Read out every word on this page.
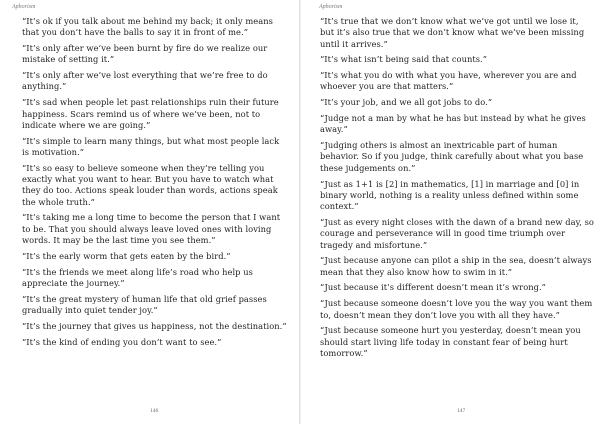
Aphorism

“It’s ok if you talk about me behind my back; it only means that you don’t have the balls to say it in front of me.”

“It’s only after we’ve been burnt by fire do we realize our mistake of setting it.”

“It’s only after we’ve lost everything that we’re free to do anything.”

“It’s sad when people let past relationships ruin their future happiness. Scars remind us of where we’ve been, not to indicate where we are going.”

“It’s simple to learn many things, but what most people lack is motivation.”

“It’s so easy to believe someone when they’re telling you exactly what you want to hear. But you have to watch what they do too. Actions speak louder than words, actions speak the whole truth.”

“It’s taking me a long time to become the person that I want to be. That you should always leave loved ones with loving words. It may be the last time you see them.”

“It’s the early worm that gets eaten by the bird.”

“It’s the friends we meet along life’s road who help us appreciate the journey.”

“It’s the great mystery of human life that old grief passes gradually into quiet tender joy.”

“It’s the journey that gives us happiness, not the destination.”

“It’s the kind of ending you don’t want to see.”

146
Aphorism

“It’s true that we don’t know what we’ve got until we lose it, but it’s also true that we don’t know what we’ve been missing until it arrives.”

“It’s what isn’t being said that counts.”

“It’s what you do with what you have, wherever you are and whoever you are that matters.”

“It’s your job, and we all got jobs to do.”

“Judge not a man by what he has but instead by what he gives away.”

“Judging others is almost an inextricable part of human behavior. So if you judge, think carefully about what you base these judgements on.”

“Just as 1+1 is [2] in mathematics, [1] in marriage and [0] in binary world, nothing is a reality unless defined within some context.”

“Just as every night closes with the dawn of a brand new day, so courage and perseverance will in good time triumph over tragedy and misfortune.”

“Just because anyone can pilot a ship in the sea, doesn’t always mean that they also know how to swim in it.”

“Just because it’s different doesn’t mean it’s wrong.”

“Just because someone doesn’t love you the way you want them to, doesn’t mean they don’t love you with all they have.”

“Just because someone hurt you yesterday, doesn’t mean you should start living life today in constant fear of being hurt tomorrow.”

147
